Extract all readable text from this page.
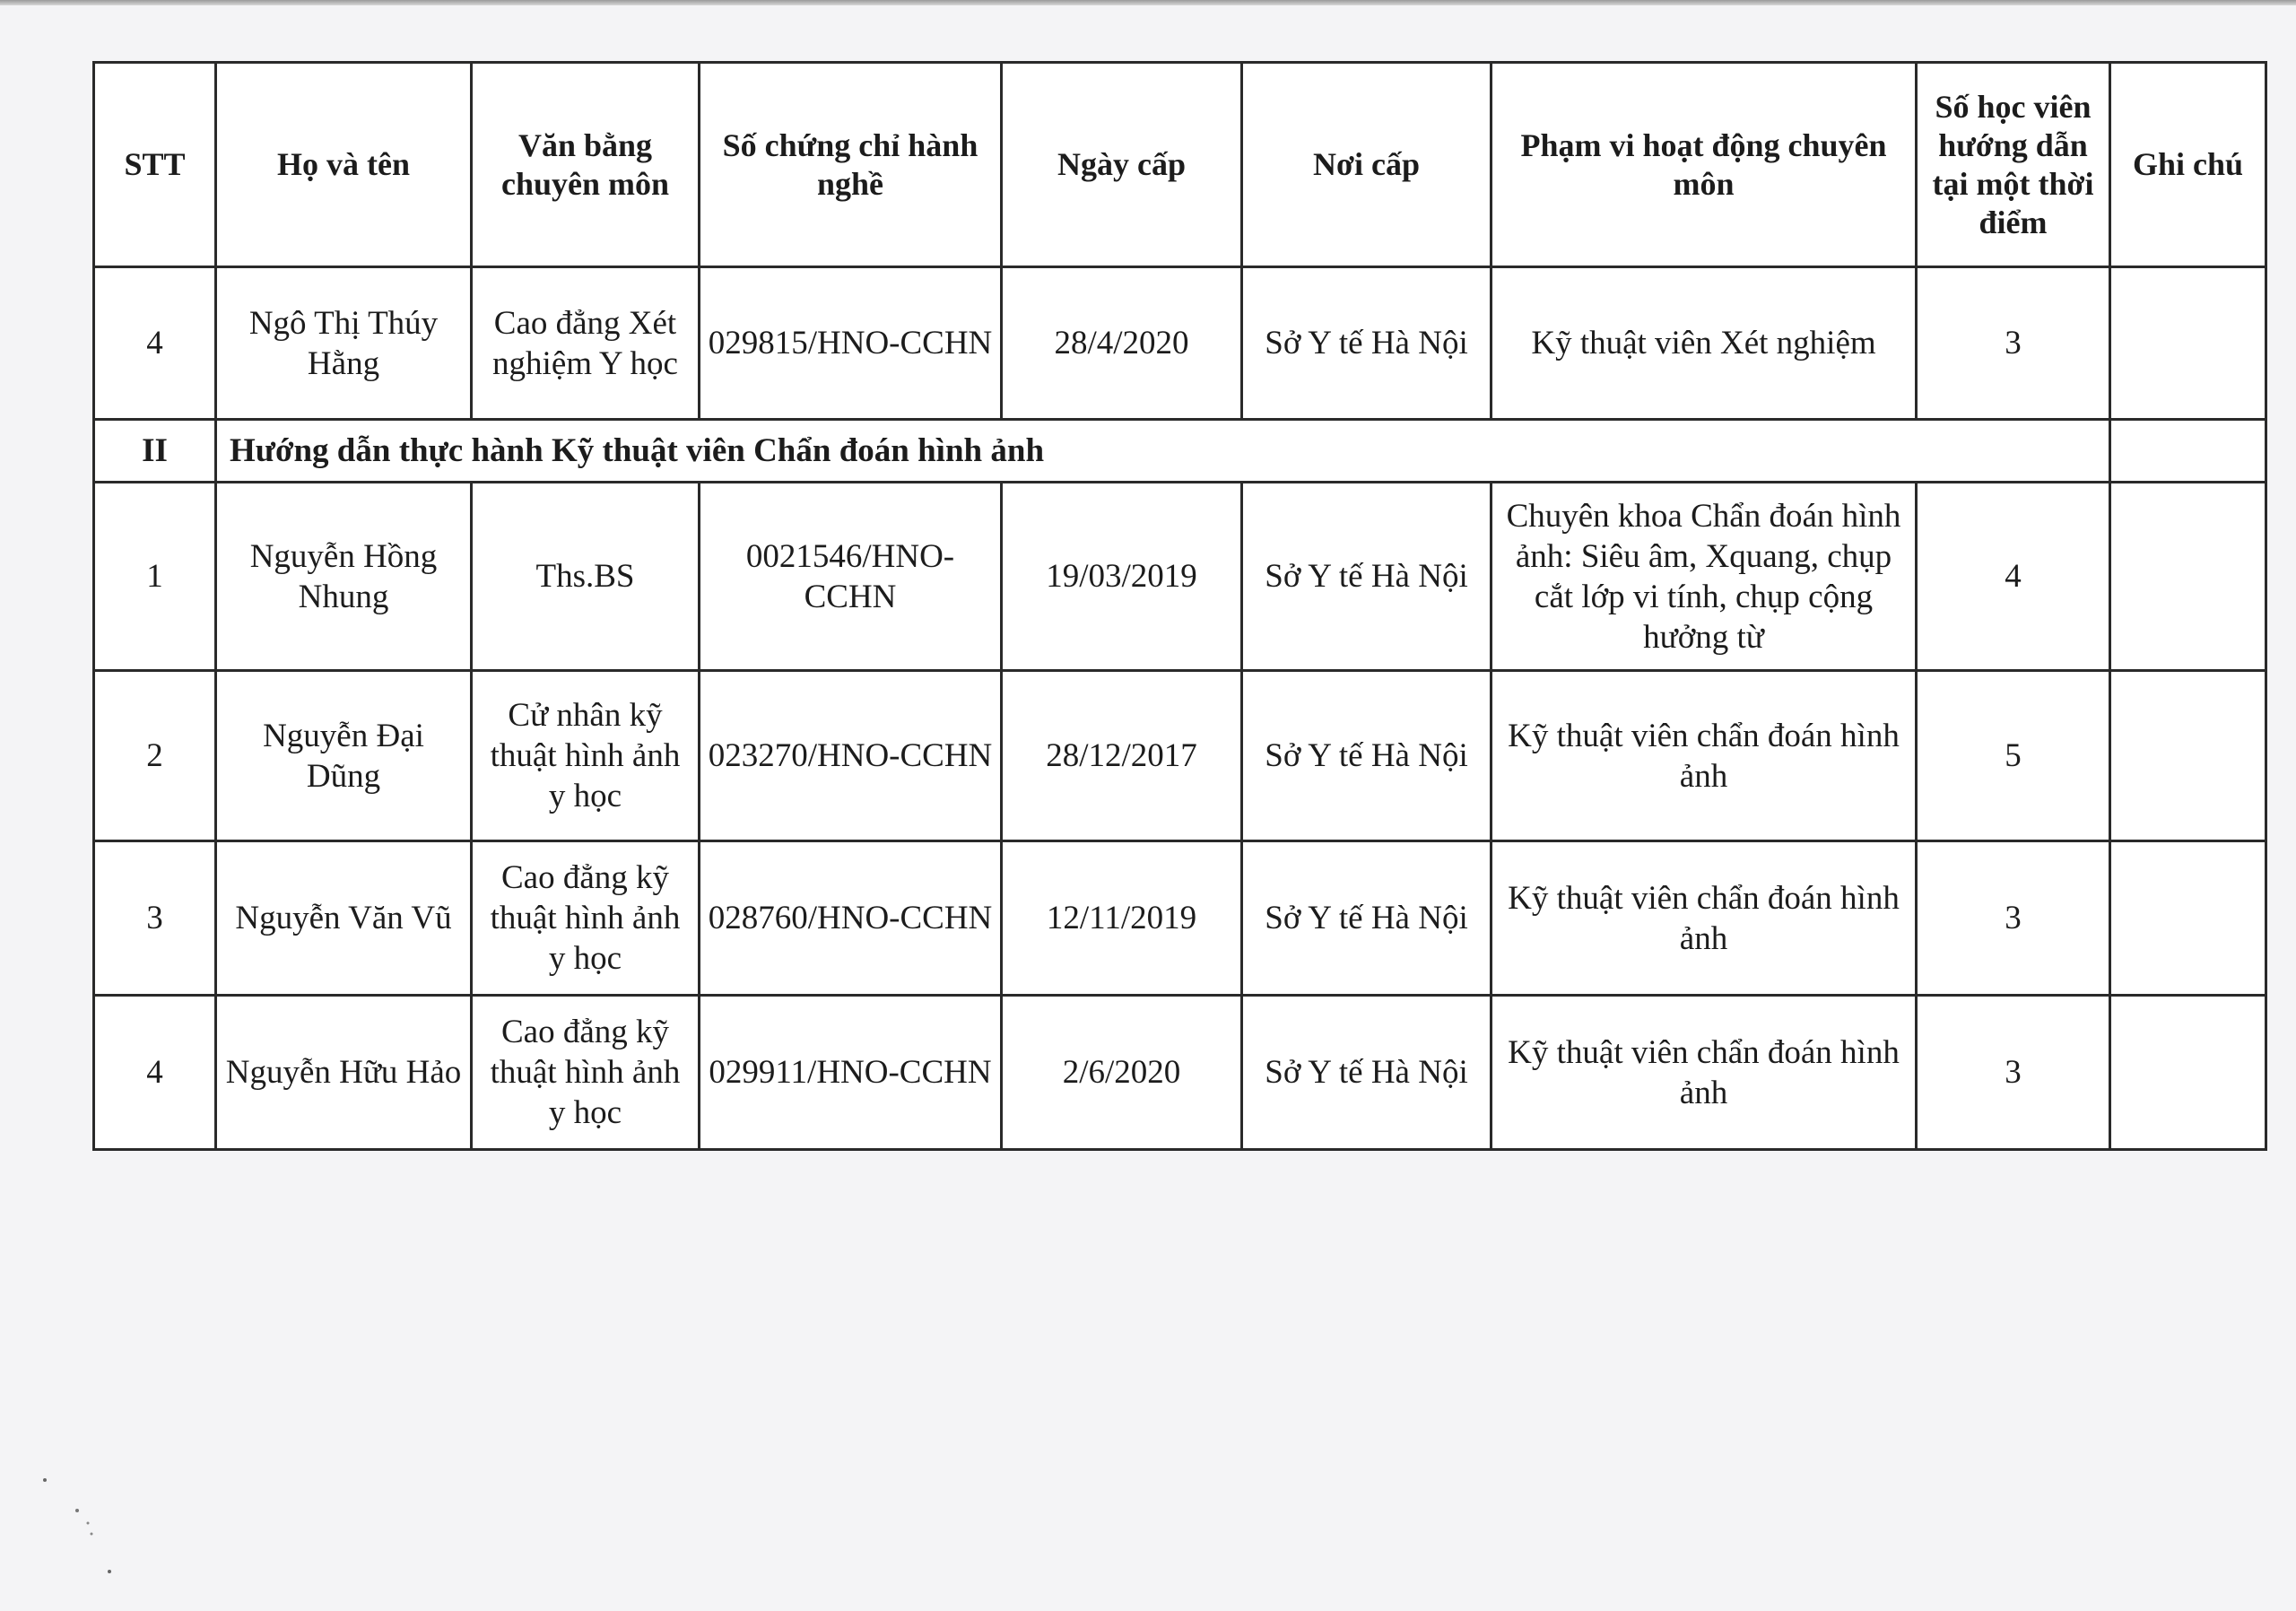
STT	Họ và tên	Văn bằng chuyên môn	Số chứng chỉ hành nghề	Ngày cấp	Nơi cấp	Phạm vi hoạt động chuyên môn	Số học viên hướng dẫn tại một thời điểm	Ghi chú
4	Ngô Thị Thúy Hằng	Cao đẳng Xét nghiệm Y học	029815/HNO-CCHN	28/4/2020	Sở Y tế Hà Nội	Kỹ thuật viên Xét nghiệm	3	
II	Hướng dẫn thực hành Kỹ thuật viên Chẩn đoán hình ảnh							
1	Nguyễn Hồng Nhung	Ths.BS	0021546/HNO-CCHN	19/03/2019	Sở Y tế Hà Nội	Chuyên khoa Chẩn đoán hình ảnh: Siêu âm, Xquang, chụp cắt lớp vi tính, chụp cộng hưởng từ	4	
2	Nguyễn Đại Dũng	Cử nhân kỹ thuật hình ảnh y học	023270/HNO-CCHN	28/12/2017	Sở Y tế Hà Nội	Kỹ thuật viên chẩn đoán hình ảnh	5	
3	Nguyễn Văn Vũ	Cao đẳng kỹ thuật hình ảnh y học	028760/HNO-CCHN	12/11/2019	Sở Y tế Hà Nội	Kỹ thuật viên chẩn đoán hình ảnh	3	
4	Nguyễn Hữu Hảo	Cao đẳng kỹ thuật hình ảnh y học	029911/HNO-CCHN	2/6/2020	Sở Y tế Hà Nội	Kỹ thuật viên chẩn đoán hình ảnh	3	
